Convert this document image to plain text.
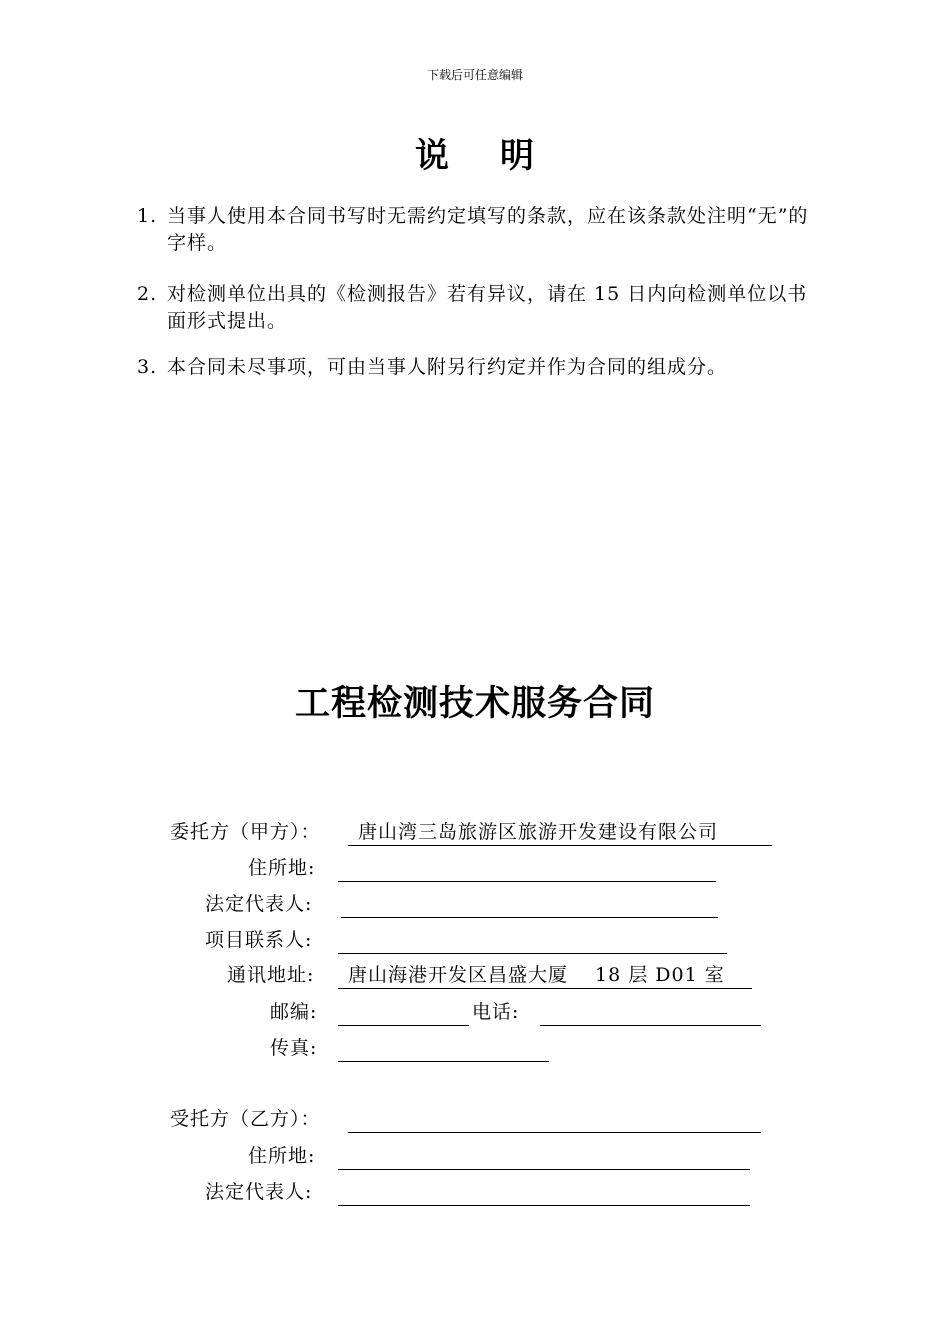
下载后可任意编辑
说 明
1. 当事人使用本合同书写时无需约定填写的条款，应在该条款处注明“无”的字样。
2. 对检测单位出具的《检测报告》若有异议，请在 15 日内向检测单位以书面形式提出。
3. 本合同未尽事项，可由当事人附另行约定并作为合同的组成分。
工程检测技术服务合同
委托方（甲方）： 唐山湾三岛旅游区旅游开发建设有限公司
住所地:
法定代表人:
项目联系人:
通讯地址: 唐山海港开发区昌盛大厦　 18 层 D01 室
邮编:	电话:
传真:
受托方（乙方）：
住所地:
法定代表人:
